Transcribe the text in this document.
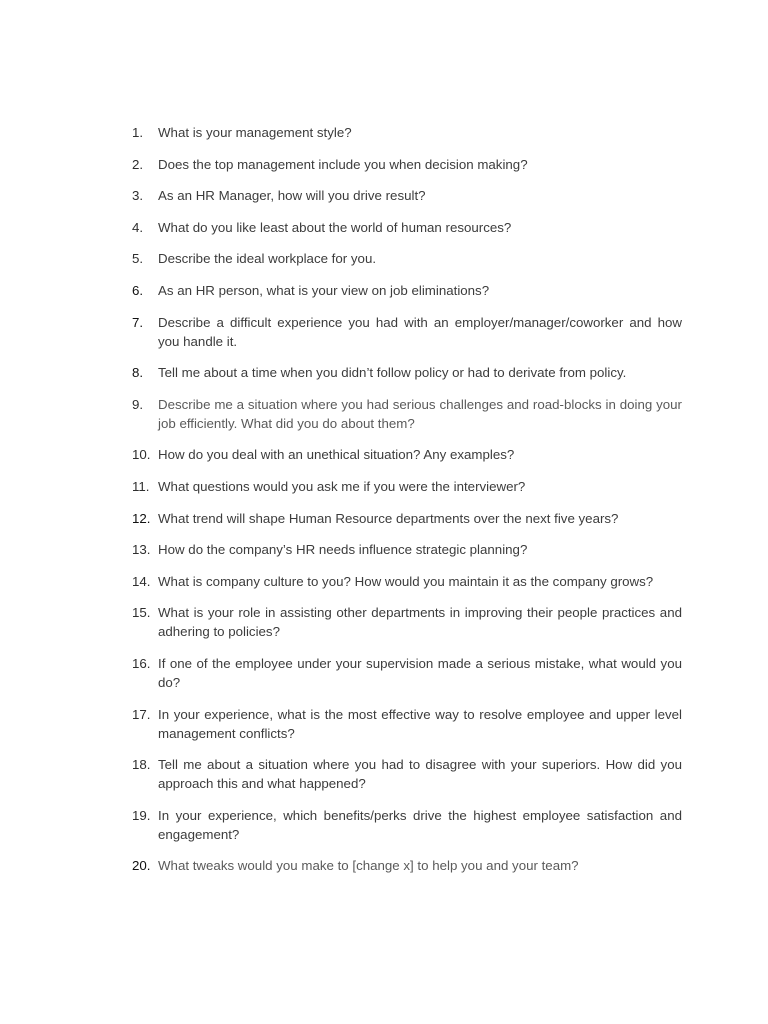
1.	What is your management style?
2.	Does the top management include you when decision making?
3.	As an HR Manager, how will you drive result?
4.	What do you like least about the world of human resources?
5.	Describe the ideal workplace for you.
6.	As an HR person, what is your view on job eliminations?
7.	Describe a difficult experience you had with an employer/manager/coworker and how you handle it.
8.	Tell me about a time when you didn’t follow policy or had to derivate from policy.
9.	Describe me a situation where you had serious challenges and road-blocks in doing your job efficiently. What did you do about them?
10. How do you deal with an unethical situation? Any examples?
11. What questions would you ask me if you were the interviewer?
12. What trend will shape Human Resource departments over the next five years?
13. How do the company’s HR needs influence strategic planning?
14. What is company culture to you? How would you maintain it as the company grows?
15. What is your role in assisting other departments in improving their people practices and adhering to policies?
16. If one of the employee under your supervision made a serious mistake, what would you do?
17. In your experience, what is the most effective way to resolve employee and upper level management conflicts?
18. Tell me about a situation where you had to disagree with your superiors. How did you approach this and what happened?
19. In your experience, which benefits/perks drive the highest employee satisfaction and engagement?
20. What tweaks would you make to [change x] to help you and your team?
